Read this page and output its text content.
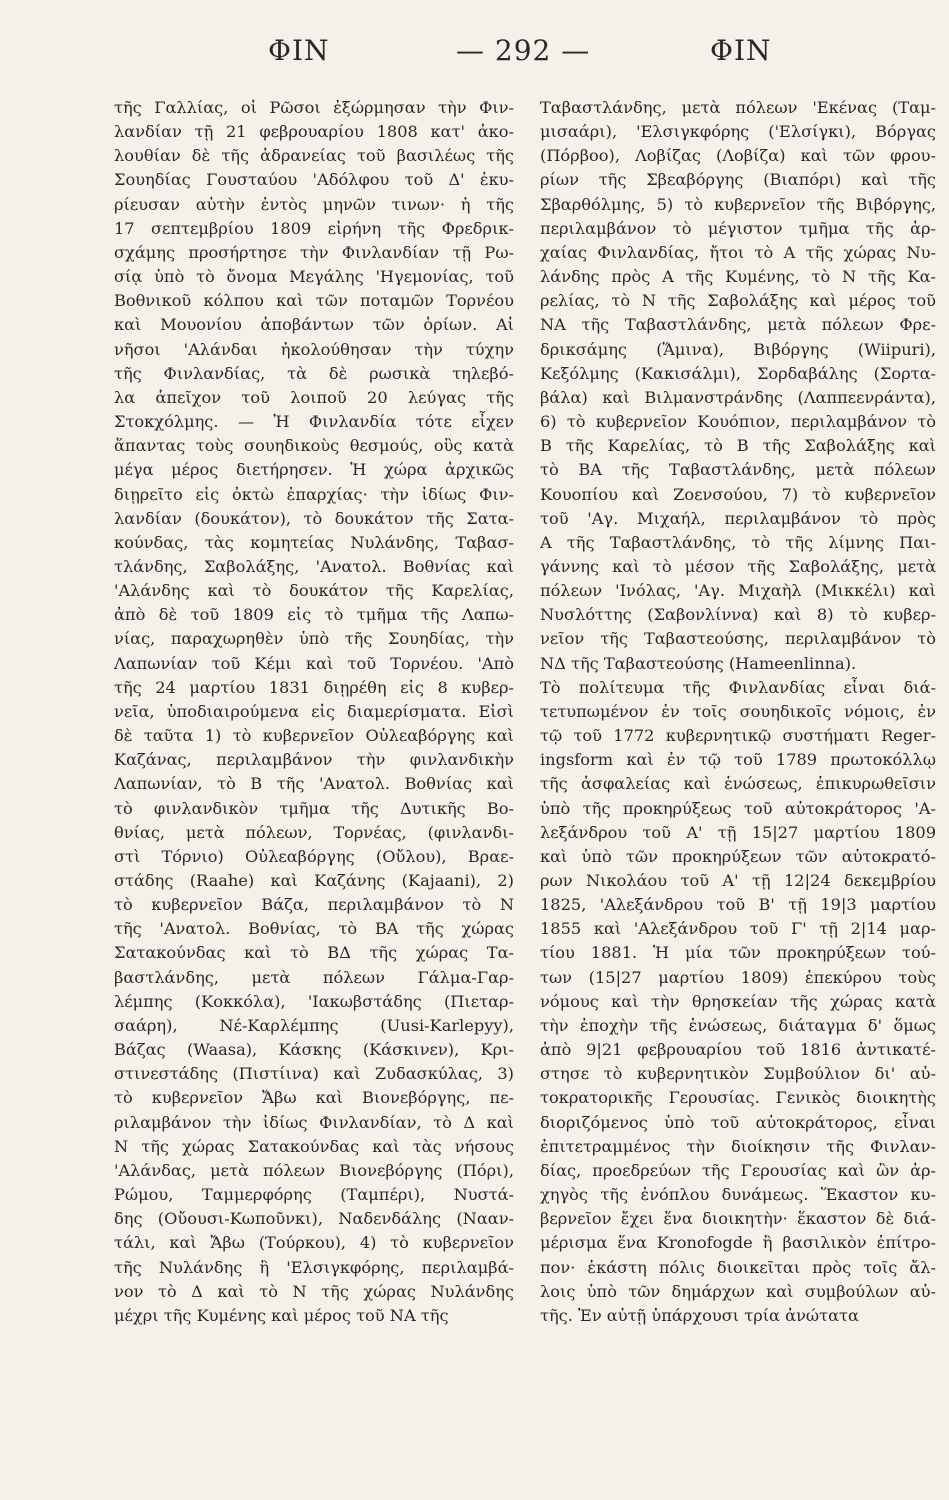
ΦΙΝ	— 292 —	ΦΙΝ
τῆς Γαλλίας, οἱ Ρῶσοι ἐξώρμησαν τὴν Φιν-
λανδίαν τῇ 21 φεβρουαρίου 1808 κατ' ἀκο-
λουθίαν δὲ τῆς ἀδρανείας τοῦ βασιλέως τῆς
Σουηδίας Γουσταύου 'Αδόλφου τοῦ Δ' ἐκυ-
ρίευσαν αὐτὴν ἐντὸς μηνῶν τινων· ἡ τῆς
17 σεπτεμβρίου 1809 εἰρήνη τῆς Φρεδρικ-
σχάμης προσήρτησε τὴν Φινλανδίαν τῇ Ρω-
σίᾳ ὑπὸ τὸ ὄνομα Μεγάλης 'Ηγεμονίας, τοῦ
Βοθνικοῦ κόλπου καὶ τῶν ποταμῶν Τορνέου
καὶ Μουονίου ἀποβάντων τῶν ὁρίων. Αἱ
νῆσοι 'Αλάνδαι ἠκολούθησαν τὴν τύχην
τῆς Φινλανδίας, τὰ δὲ ρωσικὰ τηλεβό-
λα ἀπεῖχον τοῦ λοιποῦ 20 λεύγας τῆς
Στοκχόλμης. — Ἡ Φινλανδία τότε εἶχεν
ἅπαντας τοὺς σουηδικοὺς θεσμούς, οὓς κατὰ
μέγα μέρος διετήρησεν. Ἡ χώρα ἀρχικῶς
διῃρεῖτο εἰς ὀκτὼ ἐπαρχίας· τὴν ἰδίως Φιν-
λανδίαν (δουκάτον), τὸ δουκάτον τῆς Σατα-
κούνδας, τὰς κομητείας Νυλάνδης, Ταβασ-
τλάνδης, Σαβολάξης, 'Ανατολ. Βοθνίας καὶ
'Αλάνδης καὶ τὸ δουκάτον τῆς Καρελίας,
ἀπὸ δὲ τοῦ 1809 εἰς τὸ τμῆμα τῆς Λαπω-
νίας, παραχωρηθὲν ὑπὸ τῆς Σουηδίας, τὴν
Λαπωνίαν τοῦ Κέμι καὶ τοῦ Τορνέου. 'Απὸ
τῆς 24 μαρτίου 1831 διῃρέθη εἰς 8 κυβερ-
νεῖα, ὑποδιαιρούμενα εἰς διαμερίσματα. Εἰσὶ
δὲ ταῦτα 1) τὸ κυβερνεῖον Οὐλεαβόργης καὶ
Καζάνας, περιλαμβάνον τὴν φινλανδικὴν
Λαπωνίαν, τὸ Β τῆς 'Ανατολ. Βοθνίας καὶ
τὸ φινλανδικὸν τμῆμα τῆς Δυτικῆς Βο-
θνίας, μετὰ πόλεων, Τορνέας, (φινλανδι-
στὶ Τόρνιο) Οὐλεαβόργης (Οὔλου), Βραε-
στάδης (Raahe) καὶ Καζάνης (Kajaani), 2)
τὸ κυβερνεῖον Βάζα, περιλαμβάνον τὸ Ν
τῆς 'Ανατολ. Βοθνίας, τὸ ΒΑ τῆς χώρας
Σατακούνδας καὶ τὸ ΒΔ τῆς χώρας Τα-
βαστλάνδης, μετὰ πόλεων Γάλμα-Γαρ-
λέμπης (Κοκκόλα), 'Ιακωβστάδης (Πιεταρ-
σαάρη), Νέ-Καρλέμπης (Uusi-Karlepyy),
Βάζας (Waasa), Κάσκης (Κάσκινεν), Κρι-
στινεστάδης (Πιστίινα) καὶ Ζυδασκύλας, 3)
τὸ κυβερνεῖον Ἄβω καὶ Βιονεβόργης, πε-
ριλαμβάνον τὴν ἰδίως Φινλανδίαν, τὸ Δ καὶ
Ν τῆς χώρας Σατακούνδας καὶ τὰς νήσους
'Αλάνδας, μετὰ πόλεων Βιονεβόργης (Πόρι),
Ρώμου, Ταμμερφόρης (Ταμπέρι), Νυστά-
δης (Οὔουσι-Κωποῦνκι), Ναδενδάλης (Νααν-
τάλι, καὶ Ἄβω (Τούρκου), 4) τὸ κυβερνεῖον
τῆς Νυλάνδης ἢ 'Ελσιγκφόρης, περιλαμβά-
νον τὸ Δ καὶ τὸ Ν τῆς χώρας Νυλάνδης
μέχρι τῆς Κυμένης καὶ μέρος τοῦ ΝΑ τῆς
Ταβαστλάνδης, μετὰ πόλεων 'Εκένας (Ταμ-
μισαάρι), 'Ελσιγκφόρης ('Ελσίγκι), Βόργας
(Πόρβοο), Λοβίζας (Λοβίζα) καὶ τῶν φρου-
ρίων τῆς Σβεαβόργης (Βιαπόρι) καὶ τῆς
Σβαρθόλμης, 5) τὸ κυβερνεῖον τῆς Βιβόργης,
περιλαμβάνον τὸ μέγιστον τμῆμα τῆς ἀρ-
χαίας Φινλανδίας, ἤτοι τὸ Α τῆς χώρας Νυ-
λάνδης πρὸς Α τῆς Κυμένης, τὸ Ν τῆς Κα-
ρελίας, τὸ Ν τῆς Σαβολάξης καὶ μέρος τοῦ
ΝΑ τῆς Ταβαστλάνδης, μετὰ πόλεων Φρε-
δρικσάμης (Ἅμινα), Βιβόργης (Wiipuri),
Κεξόλμης (Κακισάλμι), Σορδαβάλης (Σορτα-
βάλα) καὶ Βιλμανστράνδης (Λαππεενράντα),
6) τὸ κυβερνεῖον Κουόπιον, περιλαμβάνον τὸ
Β τῆς Καρελίας, τὸ Β τῆς Σαβολάξης καὶ
τὸ ΒΑ τῆς Ταβαστλάνδης, μετὰ πόλεων
Κουοπίου καὶ Ζοενσούου, 7) τὸ κυβερνεῖον
τοῦ 'Αγ. Μιχαήλ, περιλαμβάνον τὸ πρὸς
Α τῆς Ταβαστλάνδης, τὸ τῆς λίμνης Παι-
γάννης καὶ τὸ μέσον τῆς Σαβολάξης, μετὰ
πόλεων 'Ινόλας, 'Αγ. Μιχαὴλ (Μικκέλι) καὶ
Νυσλόττης (Σαβονλίννα) καὶ 8) τὸ κυβερ-
νεῖον τῆς Ταβαστεούσης, περιλαμβάνον τὸ
ΝΔ τῆς Ταβαστεούσης (Hameenlinna).
Τὸ πολίτευμα τῆς Φινλανδίας εἶναι διά-
τετυπωμένον ἐν τοῖς σουηδικοῖς νόμοις, ἐν
τῷ τοῦ 1772 κυβερνητικῷ συστήματι Reger-
ingsform καὶ ἐν τῷ τοῦ 1789 πρωτοκόλλῳ
τῆς ἀσφαλείας καὶ ἑνώσεως, ἐπικυρωθεῖσιν
ὑπὸ τῆς προκηρύξεως τοῦ αὐτοκράτορος 'Α-
λεξάνδρου τοῦ Α' τῇ 15|27 μαρτίου 1809
καὶ ὑπὸ τῶν προκηρύξεων τῶν αὐτοκρατό-
ρων Νικολάου τοῦ Α' τῇ 12|24 δεκεμβρίου
1825, 'Αλεξάνδρου τοῦ Β' τῇ 19|3 μαρτίου
1855 καὶ 'Αλεξάνδρου τοῦ Γ' τῇ 2|14 μαρ-
τίου 1881. Ἡ μία τῶν προκηρύξεων τού-
των (15|27 μαρτίου 1809) ἐπεκύρου τοὺς
νόμους καὶ τὴν θρησκείαν τῆς χώρας κατὰ
τὴν ἐποχὴν τῆς ἑνώσεως, διάταγμα δ' ὅμως
ἀπὸ 9|21 φεβρουαρίου τοῦ 1816 ἀντικατέ-
στησε τὸ κυβερνητικὸν Συμβούλιον δι' αὐ-
τοκρατορικῆς Γερουσίας. Γενικὸς διοικητὴς
διοριζόμενος ὑπὸ τοῦ αὐτοκράτορος, εἶναι
ἐπιτετραμμένος τὴν διοίκησιν τῆς Φινλαν-
δίας, προεδρεύων τῆς Γερουσίας καὶ ὢν ἀρ-
χηγὸς τῆς ἐνόπλου δυνάμεως. Ἕκαστον κυ-
βερνεῖον ἔχει ἕνα διοικητὴν· ἕκαστον δὲ διά-
μέρισμα ἕνα Kronofogde ἢ βασιλικὸν ἐπίτρο-
πον· ἑκάστη πόλις διοικεῖται πρὸς τοῖς ἄλ-
λοις ὑπὸ τῶν δημάρχων καὶ συμβούλων αὐ-
τῆς. Ἐν αὐτῇ ὑπάρχουσι τρία ἀνώτατα
